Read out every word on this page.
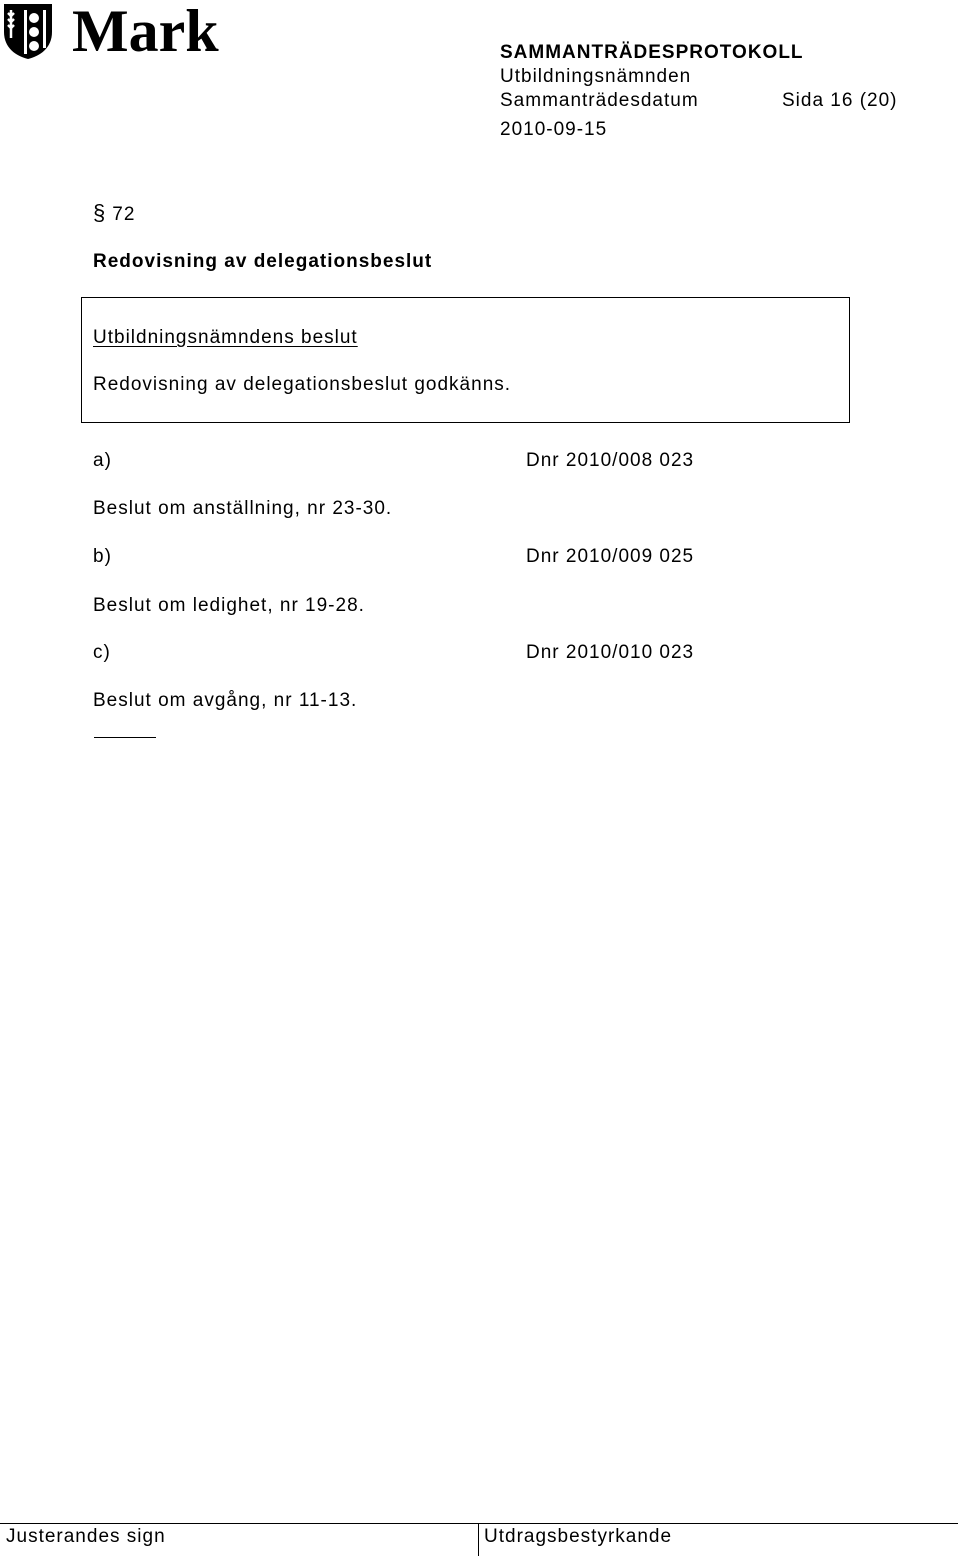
Mark	SAMMANTRÄDESPROTOKOLL
Utbildningsnämnden
Sammanträdesdatum	Sida 16 (20)
2010-09-15
§ 72
Redovisning av delegationsbeslut
Utbildningsnämndens beslut
Redovisning av delegationsbeslut godkänns.
a)	Dnr 2010/008 023
Beslut om anställning, nr 23-30.
b)	Dnr 2010/009 025
Beslut om ledighet, nr 19-28.
c)	Dnr 2010/010 023
Beslut om avgång, nr 11-13.
Justerandes sign	Utdragsbestyrkande
